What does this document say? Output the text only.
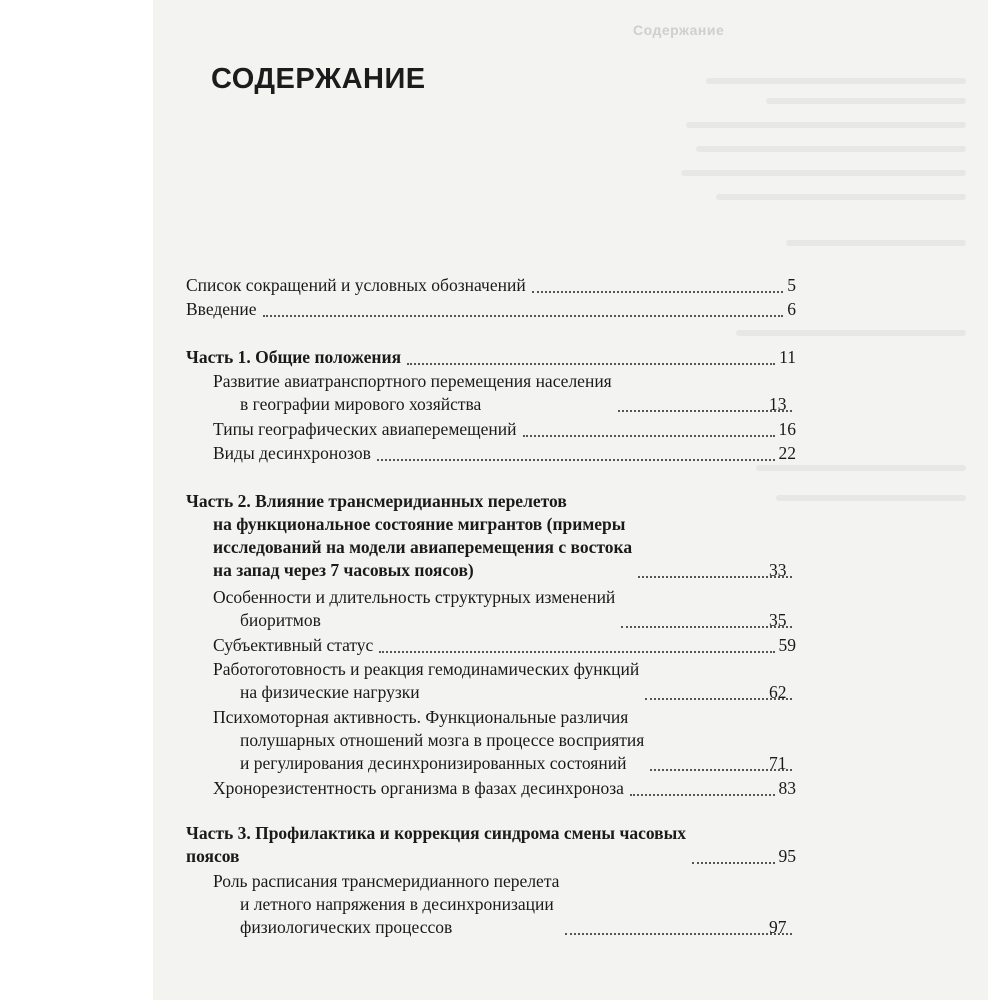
Содержание
СОДЕРЖАНИЕ
Список сокращений и условных обозначений	5
Введение	6
Часть 1. Общие положения	11
Развитие авиатранспортного перемещения населения
в географии мирового хозяйства	13
Типы географических авиаперемещений	16
Виды десинхронозов	22
Часть 2. Влияние трансмеридианных перелетов
на функциональное состояние мигрантов (примеры
исследований на модели авиаперемещения с востока
на запад через 7 часовых поясов)	33
Особенности и длительность структурных изменений
биоритмов	35
Субъективный статус	59
Работоготовность и реакция гемодинамических функций
на физические нагрузки	62
Психомоторная активность. Функциональные различия
полушарных отношений мозга в процессе восприятия
и регулирования десинхронизированных состояний	71
Хронорезистентность организма в фазах десинхроноза	83
Часть 3. Профилактика и коррекция синдрома смены часовых
поясов	95
Роль расписания трансмеридианного перелета
и летного напряжения в десинхронизации
физиологических процессов	97
